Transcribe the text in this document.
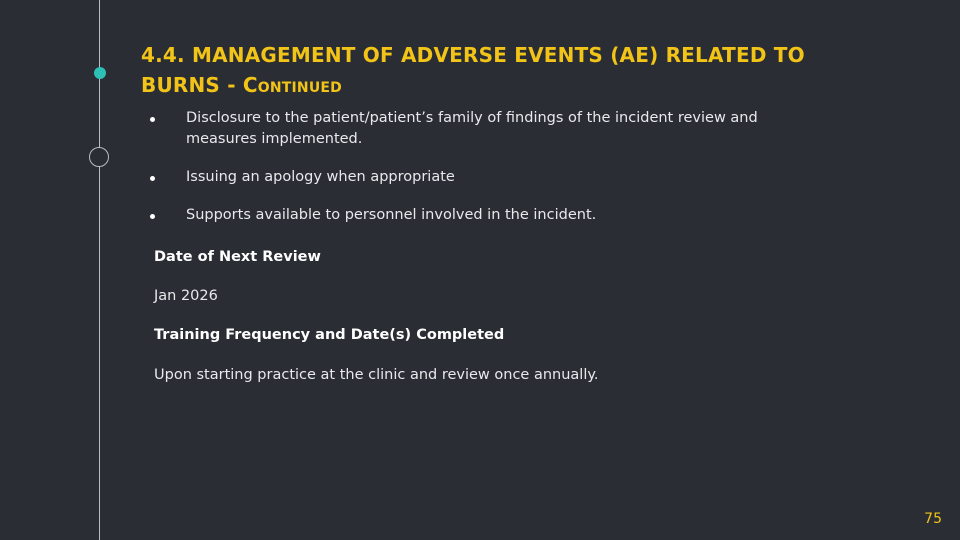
4.4. MANAGEMENT OF ADVERSE EVENTS (AE) RELATED TO BURNS - Continued
Disclosure to the patient/patient’s family of findings of the incident review and measures implemented.
Issuing an apology when appropriate
Supports available to personnel involved in the incident.
Date of Next Review
Jan 2026
Training Frequency and Date(s) Completed
Upon starting practice at the clinic and review once annually.
75
